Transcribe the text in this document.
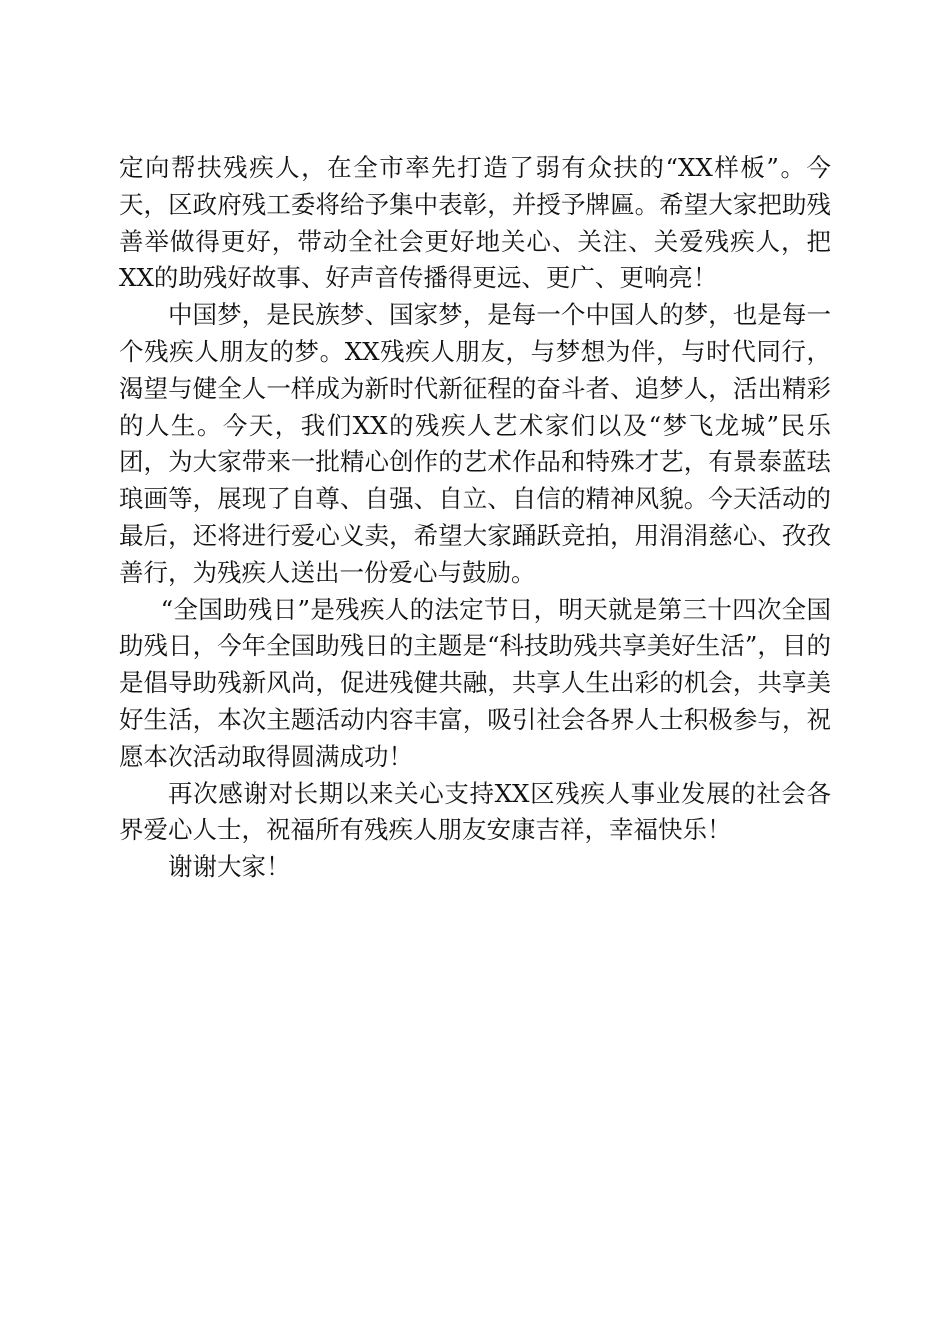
定向帮扶残疾人，在全市率先打造了弱有众扶的“XX样板”。今天，区政府残工委将给予集中表彰，并授予牌匾。希望大家把助残善举做得更好，带动全社会更好地关心、关注、关爱残疾人，把XX的助残好故事、好声音传播得更远、更广、更响亮！

中国梦，是民族梦、国家梦，是每一个中国人的梦，也是每一个残疾人朋友的梦。XX残疾人朋友，与梦想为伴，与时代同行，渴望与健全人一样成为新时代新征程的奋斗者、追梦人，活出精彩的人生。今天，我们XX的残疾人艺术家们以及“梦飞龙城”民乐团，为大家带来一批精心创作的艺术作品和特殊才艺，有景泰蓝珐琅画等，展现了自尊、自强、自立、自信的精神风貌。今天活动的最后，还将进行爱心义卖，希望大家踊跃竞拍，用涓涓慈心、孜孜善行，为残疾人送出一份爱心与鼓励。

“全国助残日”是残疾人的法定节日，明天就是第三十四次全国助残日，今年全国助残日的主题是“科技助残共享美好生活”，目的是倡导助残新风尚，促进残健共融，共享人生出彩的机会，共享美好生活，本次主题活动内容丰富，吸引社会各界人士积极参与，祝愿本次活动取得圆满成功！

再次感谢对长期以来关心支持XX区残疾人事业发展的社会各界爱心人士，祝福所有残疾人朋友安康吉祥，幸福快乐！

谢谢大家！
